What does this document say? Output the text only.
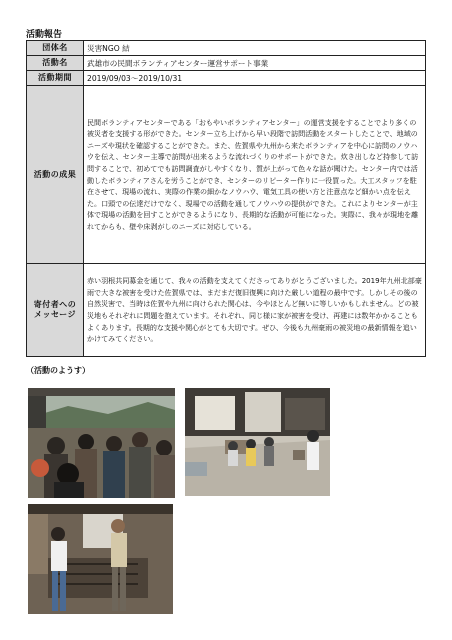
活動報告
団体名	災害NGO 結
活動名	武雄市の民間ボランティアセンター運営サポート事業
活動期間	2019/09/03〜2019/10/31
活動の成果	民間ボランティアセンターである「おもやいボランティアセンター」の運営支援をすることでより多くの被災者を支援する形ができた。センター立ち上げから早い段階で訪問活動をスタートしたことで、地域のニーズや現状を確認することができた。また、佐賀県や九州から来たボランティアを中心に訪問のノウハウを伝え、センター主導で訪問が出来るような流れづくりのサポートができた。炊き出しなど持参して訪問することで、初めてでも訪問調査がしやすくなり、質が上がって色々な話が聞けた。センター内では活動したボランティアさんを労うことができ、センターのリピーター作りに一役買った。大工スタッフを駐在させて、現場の流れ、実際の作業の細かなノウハウ、電気工具の使い方と注意点など細かい点を伝えた。口頭での伝達だけでなく、現場での活動を通してノウハウの提供ができた。これによりセンターが主体で現場の活動を回すことができるようになり、長期的な活動が可能になった。実際に、我々が現地を離れてからも、壁や床剥がしのニーズに対応している。
寄付者への
メッセージ	赤い羽根共同募金を通じて、我々の活動を支えてくださってありがとうございました。2019年九州北部豪雨で大きな被害を受けた佐賀県では、まだまだ復旧復興に向けた厳しい道程の最中です。しかしその後の自然災害で、当時は佐賀や九州に向けられた関心は、今やほとんど無いに等しいかもしれません。どの被災地もそれぞれに問題を抱えています。それぞれ、同じ様に家が被害を受け、再建には数年かかることもよくあります。長期的な支援や関心がとても大切です。ぜひ、今後も九州豪雨の被災地の最新情報を追いかけてみてください。
（活動のようす）
